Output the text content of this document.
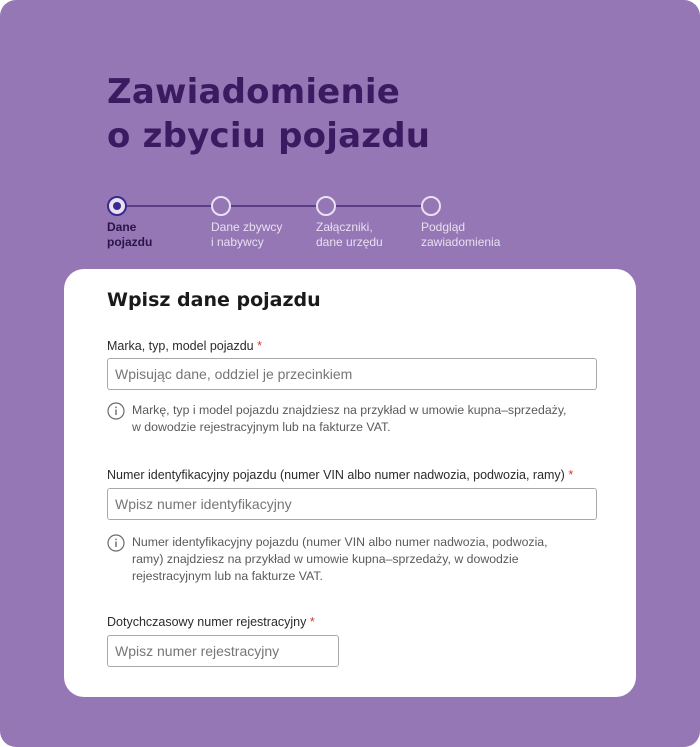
Zawiadomienie
o zbyciu pojazdu
Dane
pojazdu
Dane zbywcy
i nabywcy
Załączniki,
dane urzędu
Podgląd
zawiadomienia
Wpisz dane pojazdu
Marka, typ, model pojazdu *
Wpisując dane, oddziel je przecinkiem
Markę, typ i model pojazdu znajdziesz na przykład w umowie kupna–sprzedaży, w dowodzie rejestracyjnym lub na fakturze VAT.
Numer identyfikacyjny pojazdu (numer VIN albo numer nadwozia, podwozia, ramy) *
Wpisz numer identyfikacyjny
Numer identyfikacyjny pojazdu (numer VIN albo numer nadwozia, podwozia, ramy) znajdziesz na przykład w umowie kupna–sprzedaży, w dowodzie rejestracyjnym lub na fakturze VAT.
Dotychczasowy numer rejestracyjny *
Wpisz numer rejestracyjny
